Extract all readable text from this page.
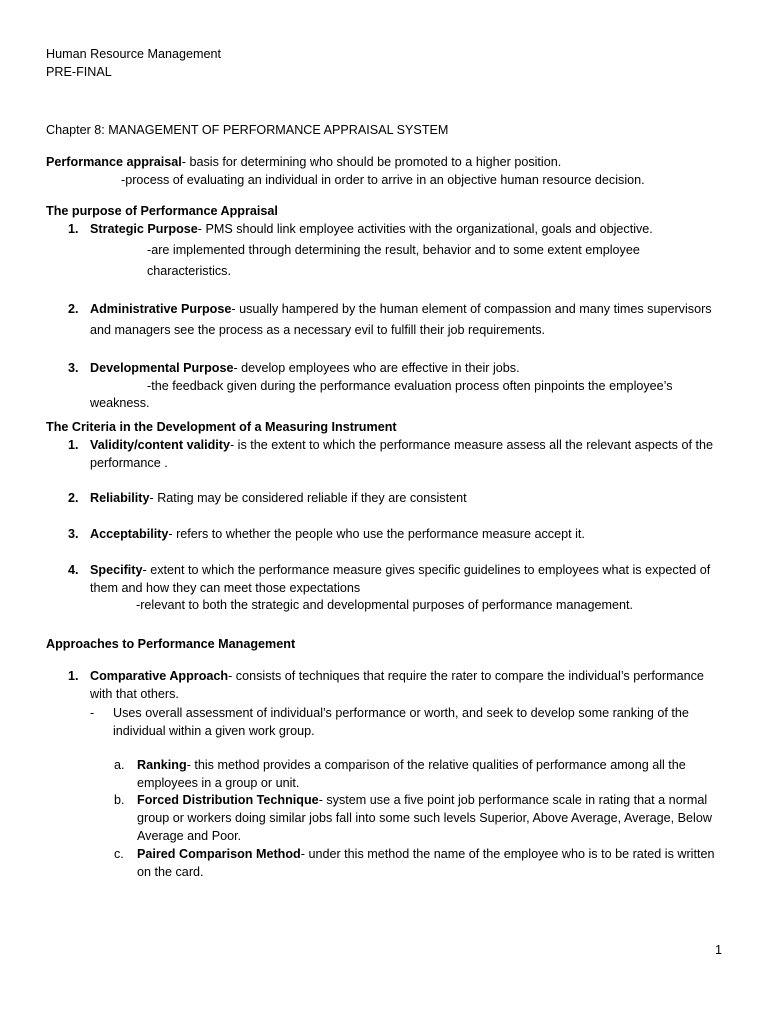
Human Resource Management
PRE-FINAL
Chapter 8: MANAGEMENT OF PERFORMANCE APPRAISAL SYSTEM
Performance appraisal- basis for determining who should be promoted to a higher position.
-process of evaluating an individual in order to arrive in an objective human resource decision.
The purpose of Performance Appraisal
1. Strategic Purpose- PMS should link employee activities with the organizational, goals and objective.
-are implemented through determining the result, behavior and to some extent employee
characteristics.
2. Administrative Purpose- usually hampered by the human element of compassion and many times supervisors
and managers see the process as a necessary evil to fulfill their job requirements.
3. Developmental Purpose- develop employees who are effective in their jobs.
-the feedback given during the performance evaluation process often pinpoints the employee’s
weakness.
The Criteria in the Development of a Measuring Instrument
1. Validity/content validity- is the extent to which the performance measure assess all the relevant aspects of the
performance .
2. Reliability- Rating may be considered reliable if they are consistent
3. Acceptability- refers to whether the people who use the performance measure accept it.
4. Specifity- extent to which the performance measure gives specific guidelines to employees what is expected of
them and how they can meet those expectations
-relevant to both the strategic and developmental purposes of performance management.
Approaches to Performance Management
1. Comparative Approach- consists of techniques that require the rater to compare the individual’s performance
with that others.
- Uses overall assessment of individual’s performance or worth, and seek to develop some ranking of the
individual within a given work group.
a. Ranking- this method provides a comparison of the relative qualities of performance among all the
employees in a group or unit.
b. Forced Distribution Technique- system use a five point job performance scale in rating that a normal
group or workers doing similar jobs fall into some such levels Superior, Above Average, Average, Below
Average and Poor.
c. Paired Comparison Method- under this method the name of the employee who is to be rated is written
on the card.
1
